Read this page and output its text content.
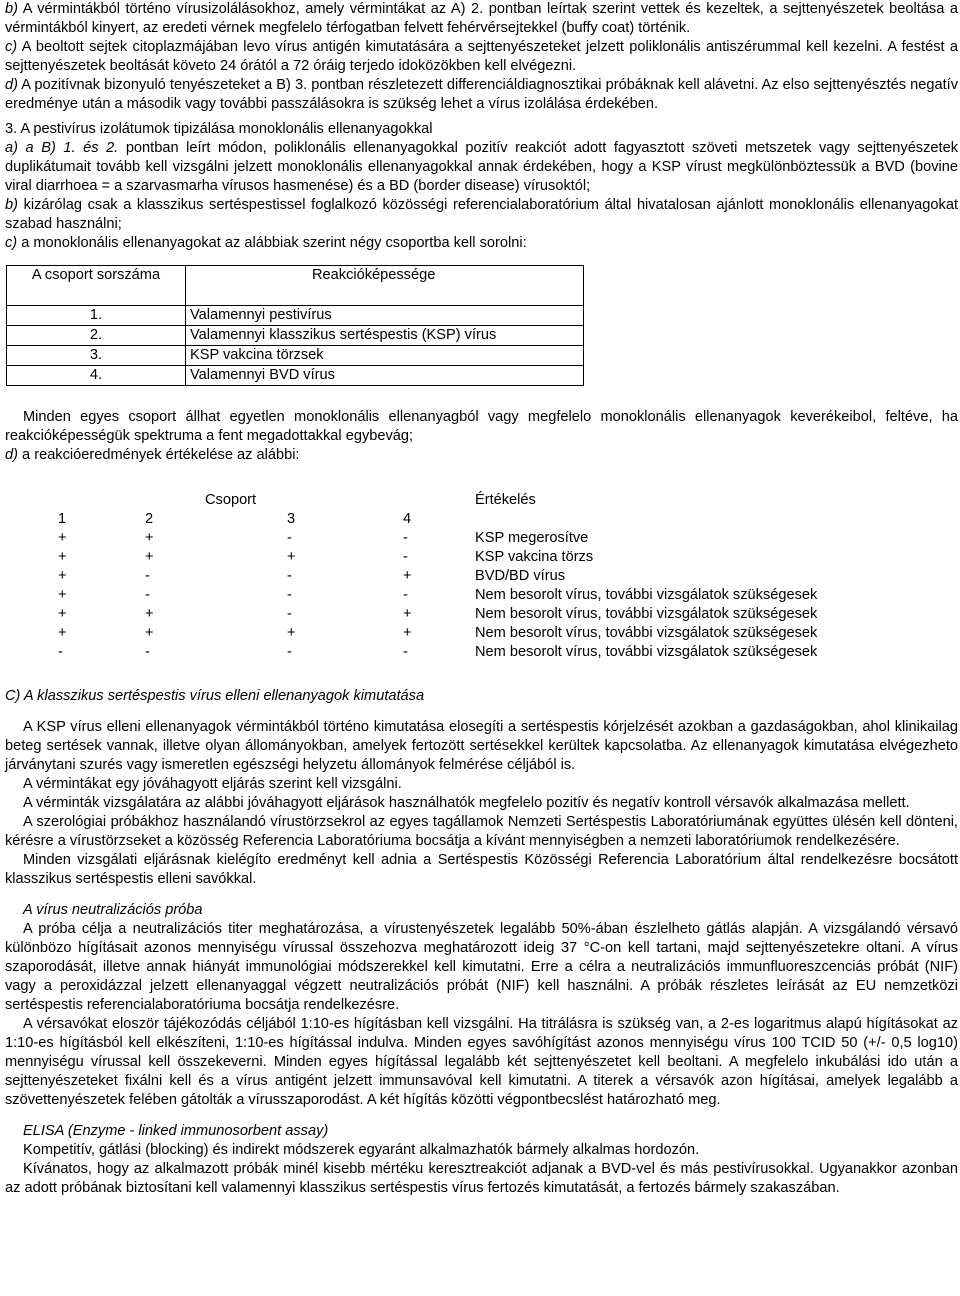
b) A vérmintákból történo vírusizolálásokhoz, amely vérmintákat az A) 2. pontban leírtak szerint vettek és kezeltek, a sejttenyészetek beoltása a vérmintákból kinyert, az eredeti vérnek megfelelo térfogatban felvett fehérvérsejtekkel (buffy coat) történik.

c) A beoltott sejtek citoplazmájában levo vírus antigén kimutatására a sejttenyészeteket jelzett poliklonális antiszérummal kell kezelni. A festést a sejttenyészetek beoltását követo 24 órától a 72 óráig terjedo idoközökben kell elvégezni.

d) A pozitívnak bizonyuló tenyészeteket a B) 3. pontban részletezett differenciáldiagnosztikai próbáknak kell alávetni. Az elso sejttenyésztés negatív eredménye után a második vagy további passzálásokra is szükség lehet a vírus izolálása érdekében.

3. A pestivírus izolátumok tipizálása monoklonális ellenanyagokkal

a) a B) 1. és 2. pontban leírt módon, poliklonális ellenanyagokkal pozitív reakciót adott fagyasztott szöveti metszetek vagy sejttenyészetek duplikátumait tovább kell vizsgálni jelzett monoklonális ellenanyagokkal annak érdekében, hogy a KSP vírust megkülönböztessük a BVD (bovine viral diarrhoea = a szarvasmarha vírusos hasmenése) és a BD (border disease) vírusoktól;

b) kizárólag csak a klasszikus sertéspestissel foglalkozó közösségi referencialaboratórium által hivatalosan ajánlott monoklonális ellenanyagokat szabad használni;

c) a monoklonális ellenanyagokat az alábbiak szerint négy csoportba kell sorolni:

A csoport sorszáma	Reakcióképessége
1.	Valamennyi pestivírus
2.	Valamennyi klasszikus sertéspestis (KSP) vírus
3.	KSP vakcina törzsek
4.	Valamennyi BVD vírus

Minden egyes csoport állhat egyetlen monoklonális ellenanyagból vagy megfelelo monoklonális ellenanyagok keverékeibol, feltéve, ha reakcióképességük spektruma a fent megadottakkal egybevág;

d) a reakcióeredmények értékelése az alábbi:

Csoport	Értékelés
1	2	3	4
+	+	-	-	KSP megerosítve
+	+	+	-	KSP vakcina törzs
+	-	-	+	BVD/BD vírus
+	-	-	-	Nem besorolt vírus, további vizsgálatok szükségesek
+	+	-	+	Nem besorolt vírus, további vizsgálatok szükségesek
+	+	+	+	Nem besorolt vírus, további vizsgálatok szükségesek
-	-	-	-	Nem besorolt vírus, további vizsgálatok szükségesek

C) A klasszikus sertéspestis vírus elleni ellenanyagok kimutatása

A KSP vírus elleni ellenanyagok vérmintákból történo kimutatása elosegíti a sertéspestis kórjelzését azokban a gazdaságokban, ahol klinikailag beteg sertések vannak, illetve olyan állományokban, amelyek fertozött sertésekkel kerültek kapcsolatba. Az ellenanyagok kimutatása elvégezheto járványtani szurés vagy ismeretlen egészségi helyzetu állományok felmérése céljából is.

A vérmintákat egy jóváhagyott eljárás szerint kell vizsgálni.

A vérminták vizsgálatára az alábbi jóváhagyott eljárások használhatók megfelelo pozitív és negatív kontroll vérsavók alkalmazása mellett.

A szerológiai próbákhoz használandó vírustörzsekrol az egyes tagállamok Nemzeti Sertéspestis Laboratóriumának együttes ülésén kell dönteni, kérésre a vírustörzseket a közösség Referencia Laboratóriuma bocsátja a kívánt mennyiségben a nemzeti laboratóriumok rendelkezésére.

Minden vizsgálati eljárásnak kielégíto eredményt kell adnia a Sertéspestis Közösségi Referencia Laboratórium által rendelkezésre bocsátott klasszikus sertéspestis elleni savókkal.

A vírus neutralizációs próba

A próba célja a neutralizációs titer meghatározása, a vírustenyészetek legalább 50%-ában észlelheto gátlás alapján. A vizsgálandó vérsavó különbözo hígításait azonos mennyiségu vírussal összehozva meghatározott ideig 37 °C-on kell tartani, majd sejttenyészetekre oltani. A vírus szaporodását, illetve annak hiányát immunológiai módszerekkel kell kimutatni. Erre a célra a neutralizációs immunfluoreszcenciás próbát (NIF) vagy a peroxidázzal jelzett ellenanyaggal végzett neutralizációs próbát (NIF) kell használni. A próbák részletes leírását az EU nemzetközi sertéspestis referencialaboratóriuma bocsátja rendelkezésre.

A vérsavókat eloször tájékozódás céljából 1:10-es hígításban kell vizsgálni. Ha titrálásra is szükség van, a 2-es logaritmus alapú hígításokat az 1:10-es hígításból kell elkészíteni, 1:10-es hígítással indulva. Minden egyes savóhígítást azonos mennyiségu vírus 100 TCID 50 (+/- 0,5 log10) mennyiségu vírussal kell összekeverni. Minden egyes hígítással legalább két sejttenyészetet kell beoltani. A megfelelo inkubálási ido után a sejttenyészeteket fixálni kell és a vírus antigént jelzett immunsavóval kell kimutatni. A titerek a vérsavók azon hígításai, amelyek legalább a szövettenyészetek felében gátolták a vírusszaporodást. A két hígítás közötti végpontbecslést határozható meg.

ELISA (Enzyme - linked immunosorbent assay)

Kompetitív, gátlási (blocking) és indirekt módszerek egyaránt alkalmazhatók bármely alkalmas hordozón.

Kívánatos, hogy az alkalmazott próbák minél kisebb mértéku keresztreakciót adjanak a BVD-vel és más pestivírusokkal. Ugyanakkor azonban az adott próbának biztosítani kell valamennyi klasszikus sertéspestis vírus fertozés kimutatását, a fertozés bármely szakaszában.
